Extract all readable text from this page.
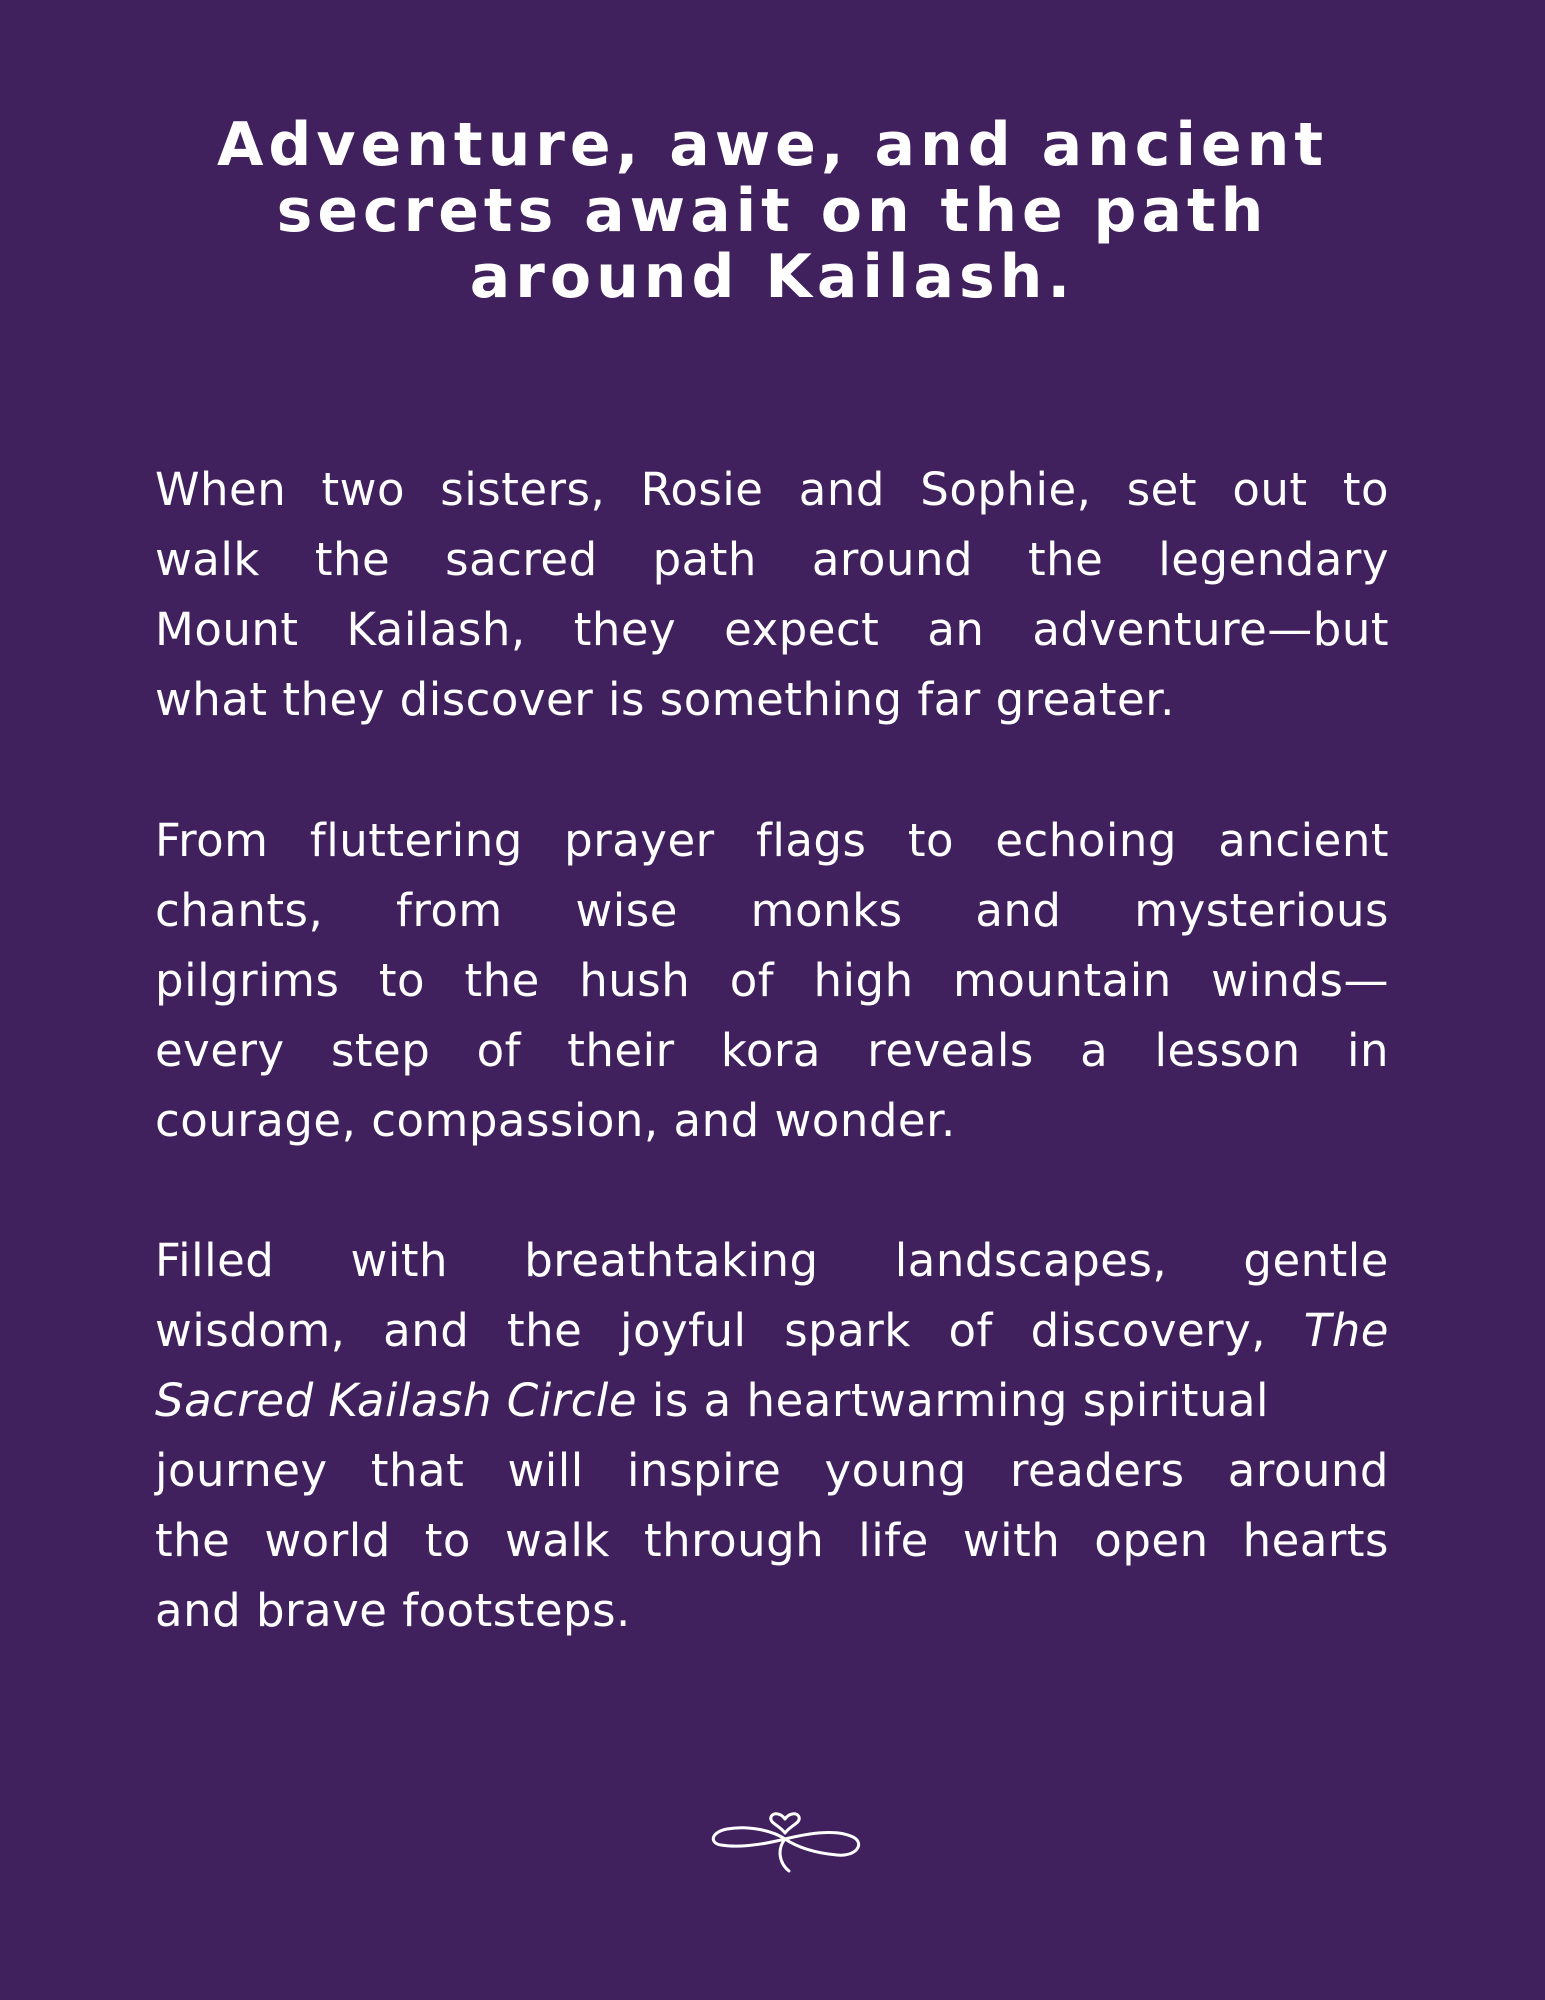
Adventure, awe, and ancient
secrets await on the path
around Kailash.
When two sisters, Rosie and Sophie, set out to
walk the sacred path around the legendary
Mount Kailash, they expect an adventure—but
what they discover is something far greater.
From fluttering prayer flags to echoing ancient
chants, from wise monks and mysterious
pilgrims to the hush of high mountain winds—
every step of their kora reveals a lesson in
courage, compassion, and wonder.
Filled with breathtaking landscapes, gentle
wisdom, and the joyful spark of discovery, The
Sacred Kailash Circle is a heartwarming spiritual
journey that will inspire young readers around
the world to walk through life with open hearts
and brave footsteps.
